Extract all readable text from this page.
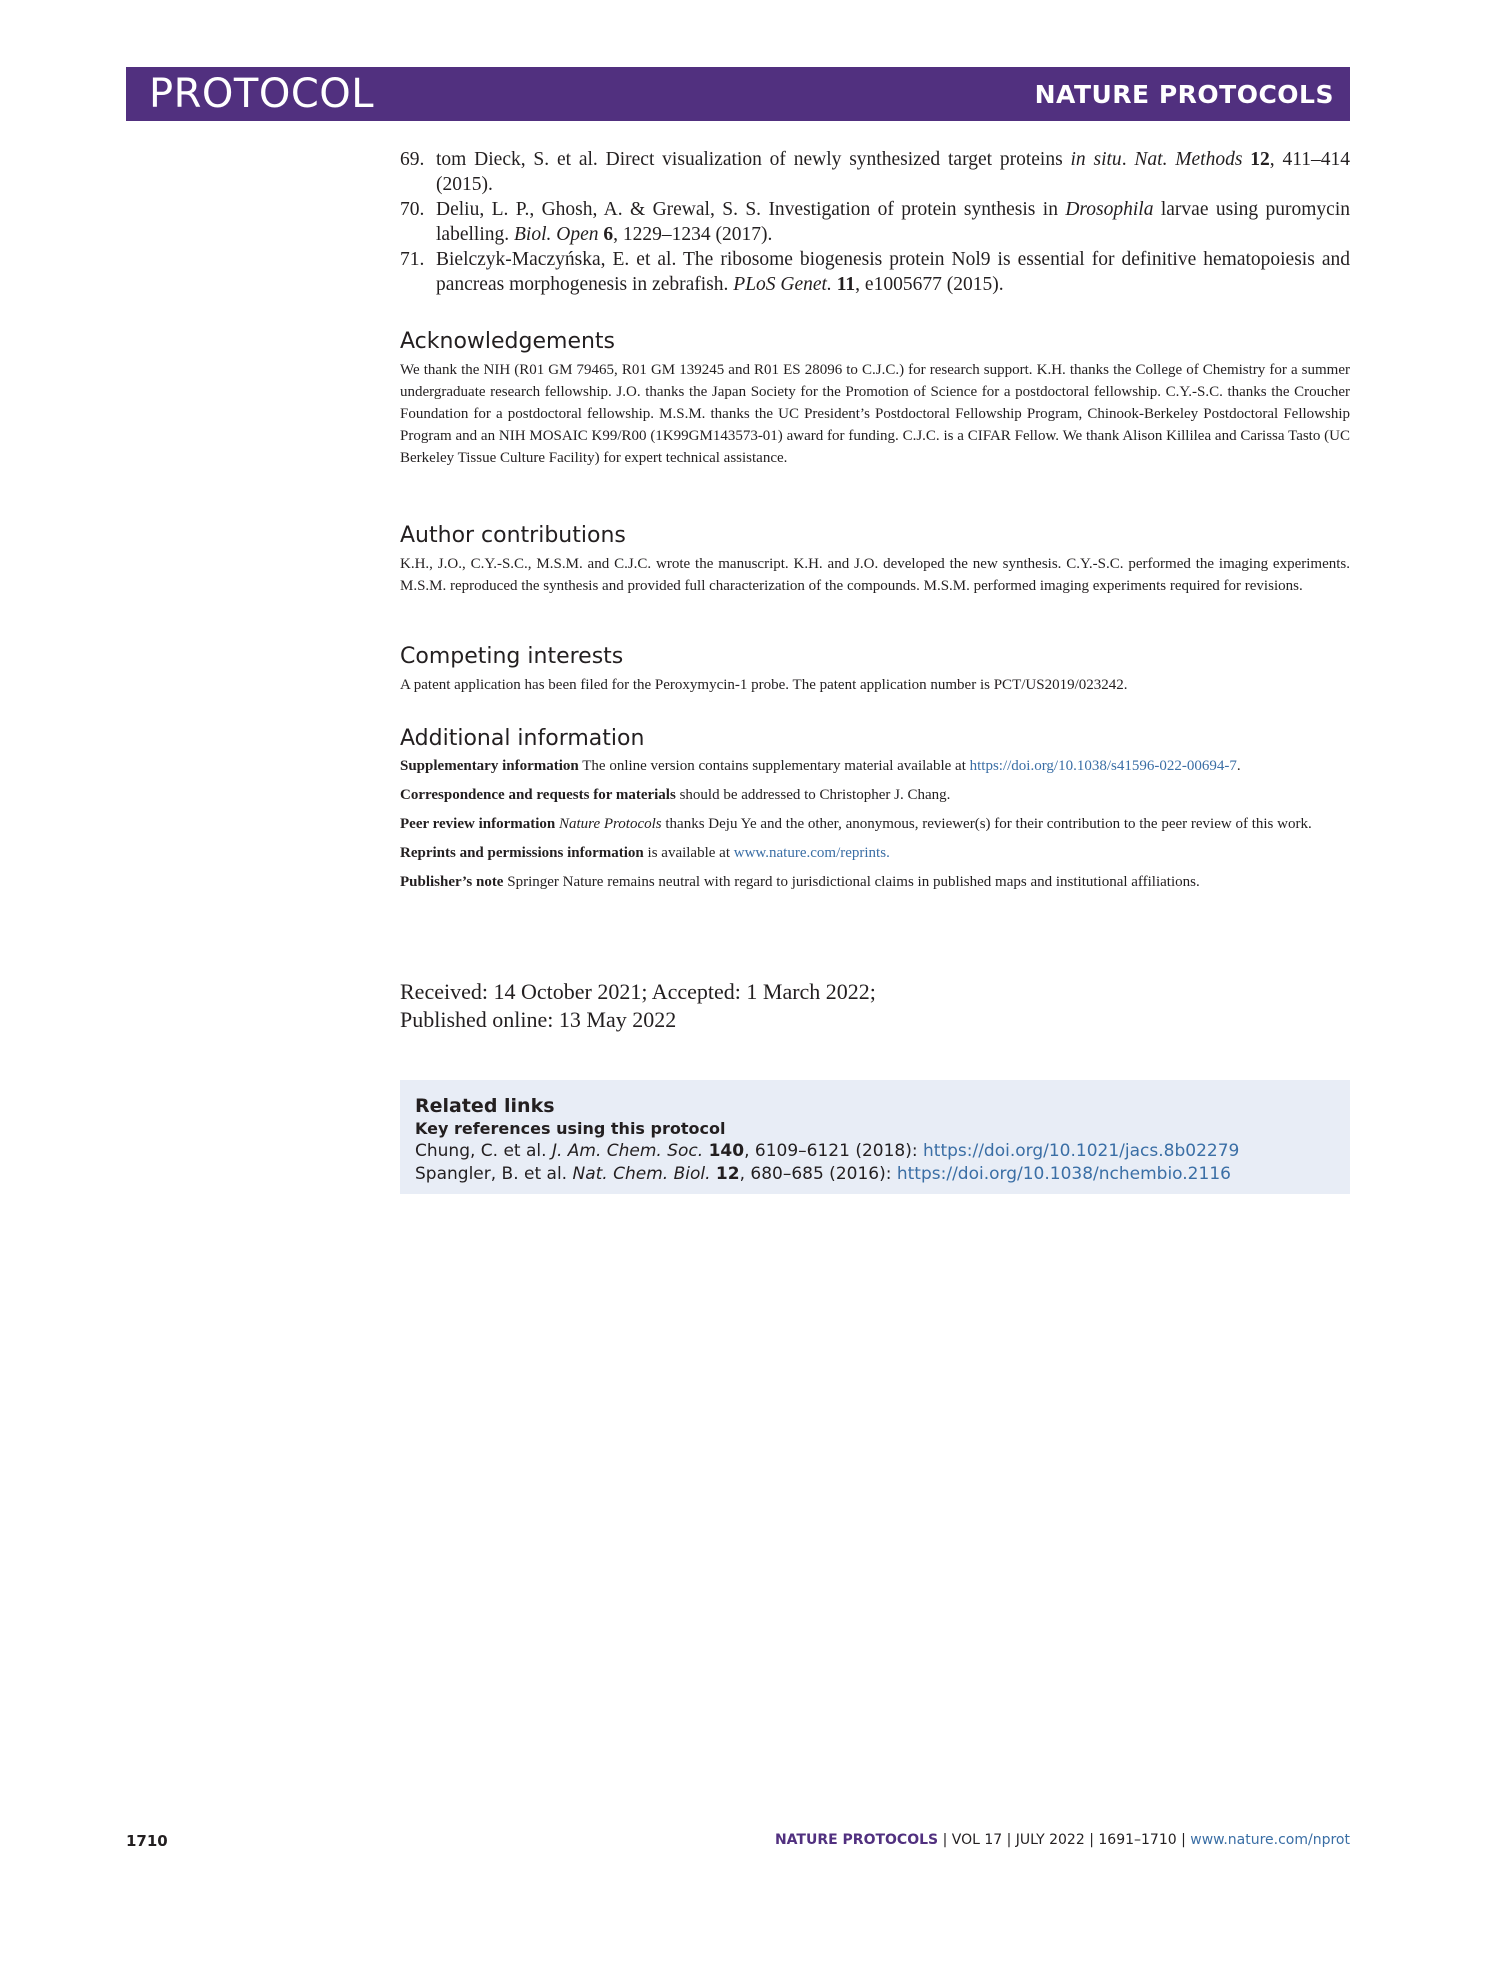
PROTOCOL	NATURE PROTOCOLS
69. tom Dieck, S. et al. Direct visualization of newly synthesized target proteins in situ. Nat. Methods 12, 411–414 (2015).
70. Deliu, L. P., Ghosh, A. & Grewal, S. S. Investigation of protein synthesis in Drosophila larvae using puromycin labelling. Biol. Open 6, 1229–1234 (2017).
71. Bielczyk-Maczyńska, E. et al. The ribosome biogenesis protein Nol9 is essential for definitive hematopoiesis and pancreas morphogenesis in zebrafish. PLoS Genet. 11, e1005677 (2015).
Acknowledgements

We thank the NIH (R01 GM 79465, R01 GM 139245 and R01 ES 28096 to C.J.C.) for research support. K.H. thanks the College of Chemistry for a summer undergraduate research fellowship. J.O. thanks the Japan Society for the Promotion of Science for a postdoctoral fellowship. C.Y.-S.C. thanks the Croucher Foundation for a postdoctoral fellowship. M.S.M. thanks the UC President’s Postdoctoral Fellowship Program, Chinook-Berkeley Postdoctoral Fellowship Program and an NIH MOSAIC K99/R00 (1K99GM143573-01) award for funding. C.J.C. is a CIFAR Fellow. We thank Alison Killilea and Carissa Tasto (UC Berkeley Tissue Culture Facility) for expert technical assistance.

Author contributions

K.H., J.O., C.Y.-S.C., M.S.M. and C.J.C. wrote the manuscript. K.H. and J.O. developed the new synthesis. C.Y.-S.C. performed the imaging experiments. M.S.M. reproduced the synthesis and provided full characterization of the compounds. M.S.M. performed imaging experiments required for revisions.

Competing interests

A patent application has been filed for the Peroxymycin-1 probe. The patent application number is PCT/US2019/023242.

Additional information

Supplementary information The online version contains supplementary material available at https://doi.org/10.1038/s41596-022-00694-7.

Correspondence and requests for materials should be addressed to Christopher J. Chang.

Peer review information Nature Protocols thanks Deju Ye and the other, anonymous, reviewer(s) for their contribution to the peer review of this work.

Reprints and permissions information is available at www.nature.com/reprints.

Publisher’s note Springer Nature remains neutral with regard to jurisdictional claims in published maps and institutional affiliations.

Received: 14 October 2021; Accepted: 1 March 2022;
Published online: 13 May 2022
Related links
Key references using this protocol
Chung, C. et al. J. Am. Chem. Soc. 140, 6109–6121 (2018): https://doi.org/10.1021/jacs.8b02279
Spangler, B. et al. Nat. Chem. Biol. 12, 680–685 (2016): https://doi.org/10.1038/nchembio.2116
1710	NATURE PROTOCOLS | VOL 17 | JULY 2022 | 1691–1710 | www.nature.com/nprot
